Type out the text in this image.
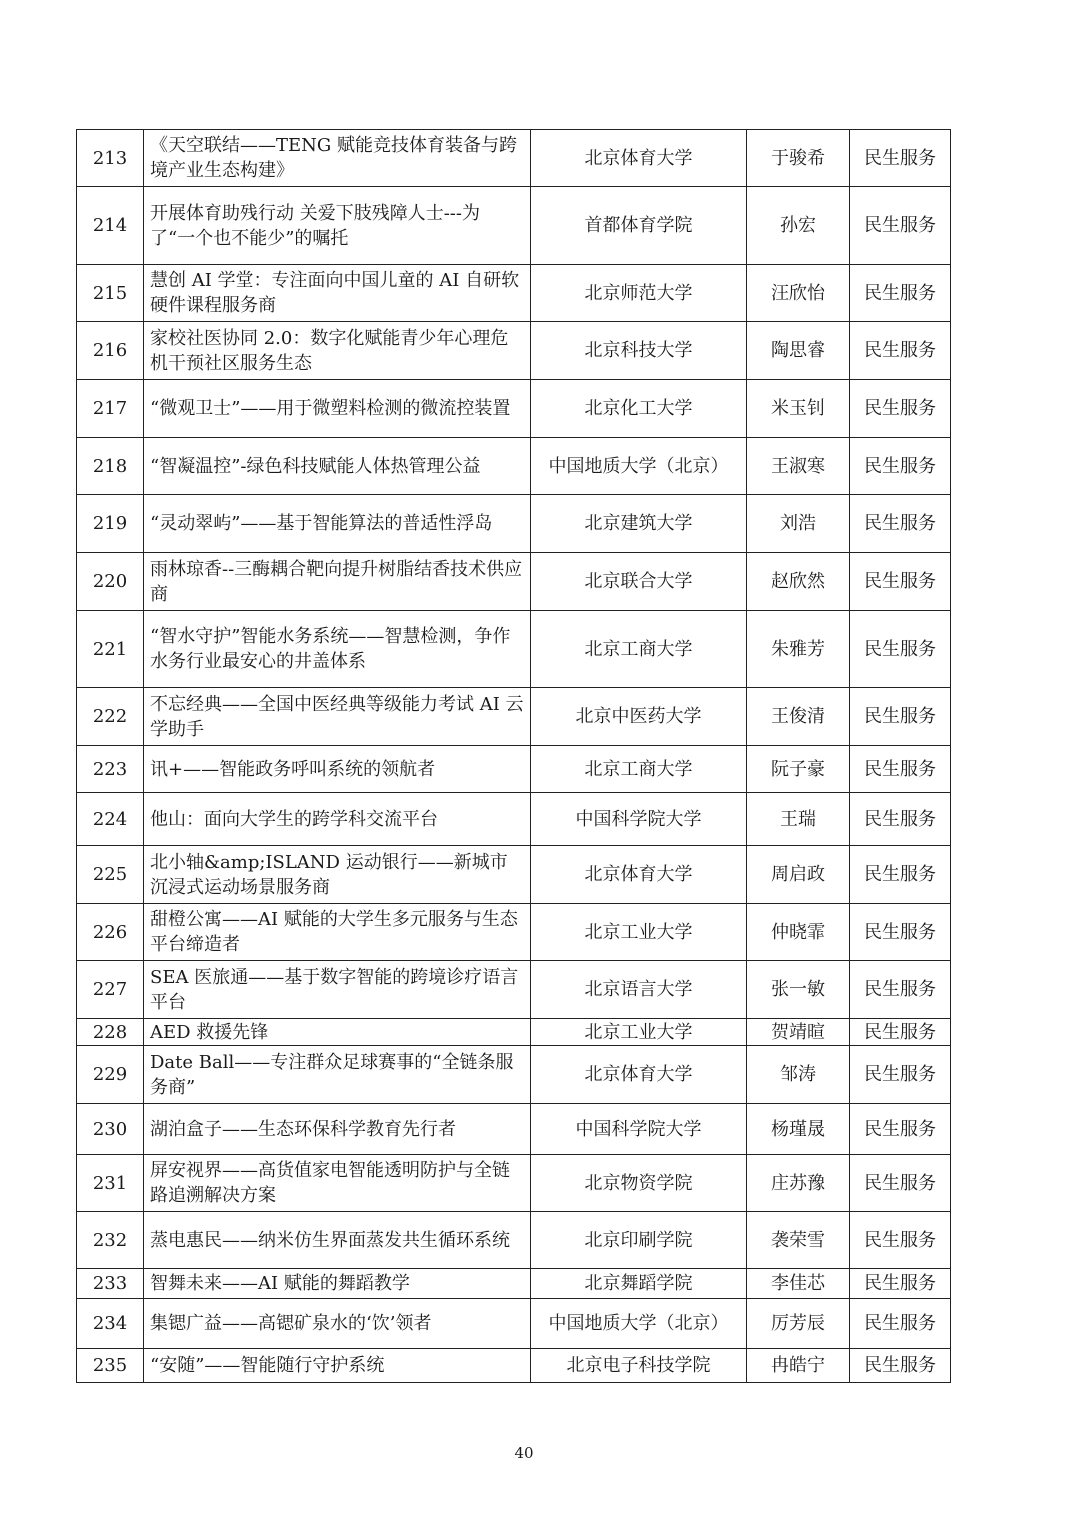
213	《天空联结——TENG 赋能竞技体育装备与跨境产业生态构建》	北京体育大学	于骏希	民生服务
214	开展体育助残行动 关爱下肢残障人士---为了“一个也不能少”的嘱托	首都体育学院	孙宏	民生服务
215	慧创 AI 学堂：专注面向中国儿童的 AI 自研软硬件课程服务商	北京师范大学	汪欣怡	民生服务
216	家校社医协同 2.0：数字化赋能青少年心理危机干预社区服务生态	北京科技大学	陶思睿	民生服务
217	“微观卫士”——用于微塑料检测的微流控装置	北京化工大学	米玉钊	民生服务
218	“智凝温控”-绿色科技赋能人体热管理公益	中国地质大学（北京）	王淑寒	民生服务
219	“灵动翠屿”——基于智能算法的普适性浮岛	北京建筑大学	刘浩	民生服务
220	雨林琼香--三酶耦合靶向提升树脂结香技术供应商	北京联合大学	赵欣然	民生服务
221	“智水守护”智能水务系统——智慧检测，争作水务行业最安心的井盖体系	北京工商大学	朱雅芳	民生服务
222	不忘经典——全国中医经典等级能力考试 AI 云学助手	北京中医药大学	王俊清	民生服务
223	讯+——智能政务呼叫系统的领航者	北京工商大学	阮子豪	民生服务
224	他山：面向大学生的跨学科交流平台	中国科学院大学	王瑞	民生服务
225	北小轴&amp;ISLAND 运动银行——新城市沉浸式运动场景服务商	北京体育大学	周启政	民生服务
226	甜橙公寓——AI 赋能的大学生多元服务与生态平台缔造者	北京工业大学	仲晓霏	民生服务
227	SEA 医旅通——基于数字智能的跨境诊疗语言平台	北京语言大学	张一敏	民生服务
228	AED 救援先锋	北京工业大学	贺靖暄	民生服务
229	Date Ball——专注群众足球赛事的“全链条服务商”	北京体育大学	邹涛	民生服务
230	湖泊盒子——生态环保科学教育先行者	中国科学院大学	杨瑾晟	民生服务
231	屏安视界——高货值家电智能透明防护与全链路追溯解决方案	北京物资学院	庄苏豫	民生服务
232	蒸电惠民——纳米仿生界面蒸发共生循环系统	北京印刷学院	袭荣雪	民生服务
233	智舞未来——AI 赋能的舞蹈教学	北京舞蹈学院	李佳芯	民生服务
234	集锶广益——高锶矿泉水的‘饮’领者	中国地质大学（北京）	厉芳辰	民生服务
235	“安随”——智能随行守护系统	北京电子科技学院	冉皓宁	民生服务
40
